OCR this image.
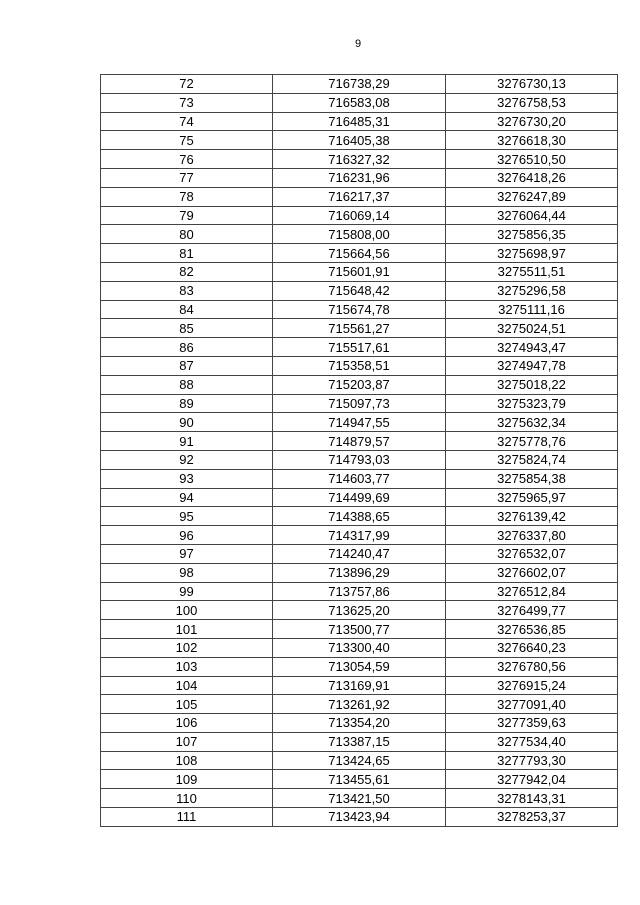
9
72	716738,29	3276730,13
73	716583,08	3276758,53
74	716485,31	3276730,20
75	716405,38	3276618,30
76	716327,32	3276510,50
77	716231,96	3276418,26
78	716217,37	3276247,89
79	716069,14	3276064,44
80	715808,00	3275856,35
81	715664,56	3275698,97
82	715601,91	3275511,51
83	715648,42	3275296,58
84	715674,78	3275111,16
85	715561,27	3275024,51
86	715517,61	3274943,47
87	715358,51	3274947,78
88	715203,87	3275018,22
89	715097,73	3275323,79
90	714947,55	3275632,34
91	714879,57	3275778,76
92	714793,03	3275824,74
93	714603,77	3275854,38
94	714499,69	3275965,97
95	714388,65	3276139,42
96	714317,99	3276337,80
97	714240,47	3276532,07
98	713896,29	3276602,07
99	713757,86	3276512,84
100	713625,20	3276499,77
101	713500,77	3276536,85
102	713300,40	3276640,23
103	713054,59	3276780,56
104	713169,91	3276915,24
105	713261,92	3277091,40
106	713354,20	3277359,63
107	713387,15	3277534,40
108	713424,65	3277793,30
109	713455,61	3277942,04
110	713421,50	3278143,31
111	713423,94	3278253,37
